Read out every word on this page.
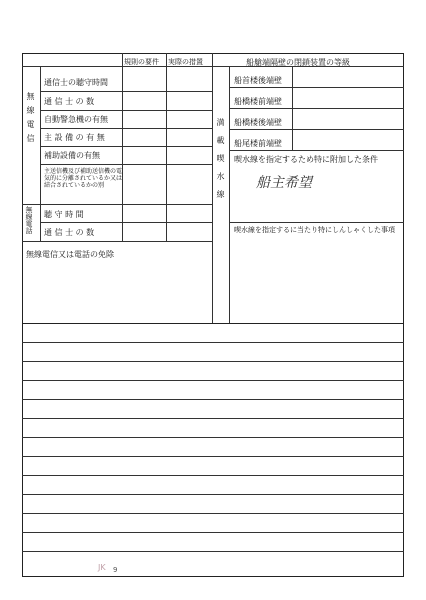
規則の要件 実際の措置
無線電信
通信士の聴守時間
通 信 士 の 数
自動警急機の有無
主 設 備 の 有 無
補助設備の有無
主送信機及び補助送信機の電気的に分離されているか又は結合されているかの別
無線電話 聴 守 時 間
通 信 士 の 数
無線電信又は電話の免除
船艙端隔壁の閉鎖装置の等級
満載喫水線
船首楼後端壁
船橋楼前端壁
船橋楼後端壁
船尾楼前端壁
喫水線を指定するため特に附加した条件
船主希望
喫水線を指定するに当たり特にしんしゃくした事項
JK 9
